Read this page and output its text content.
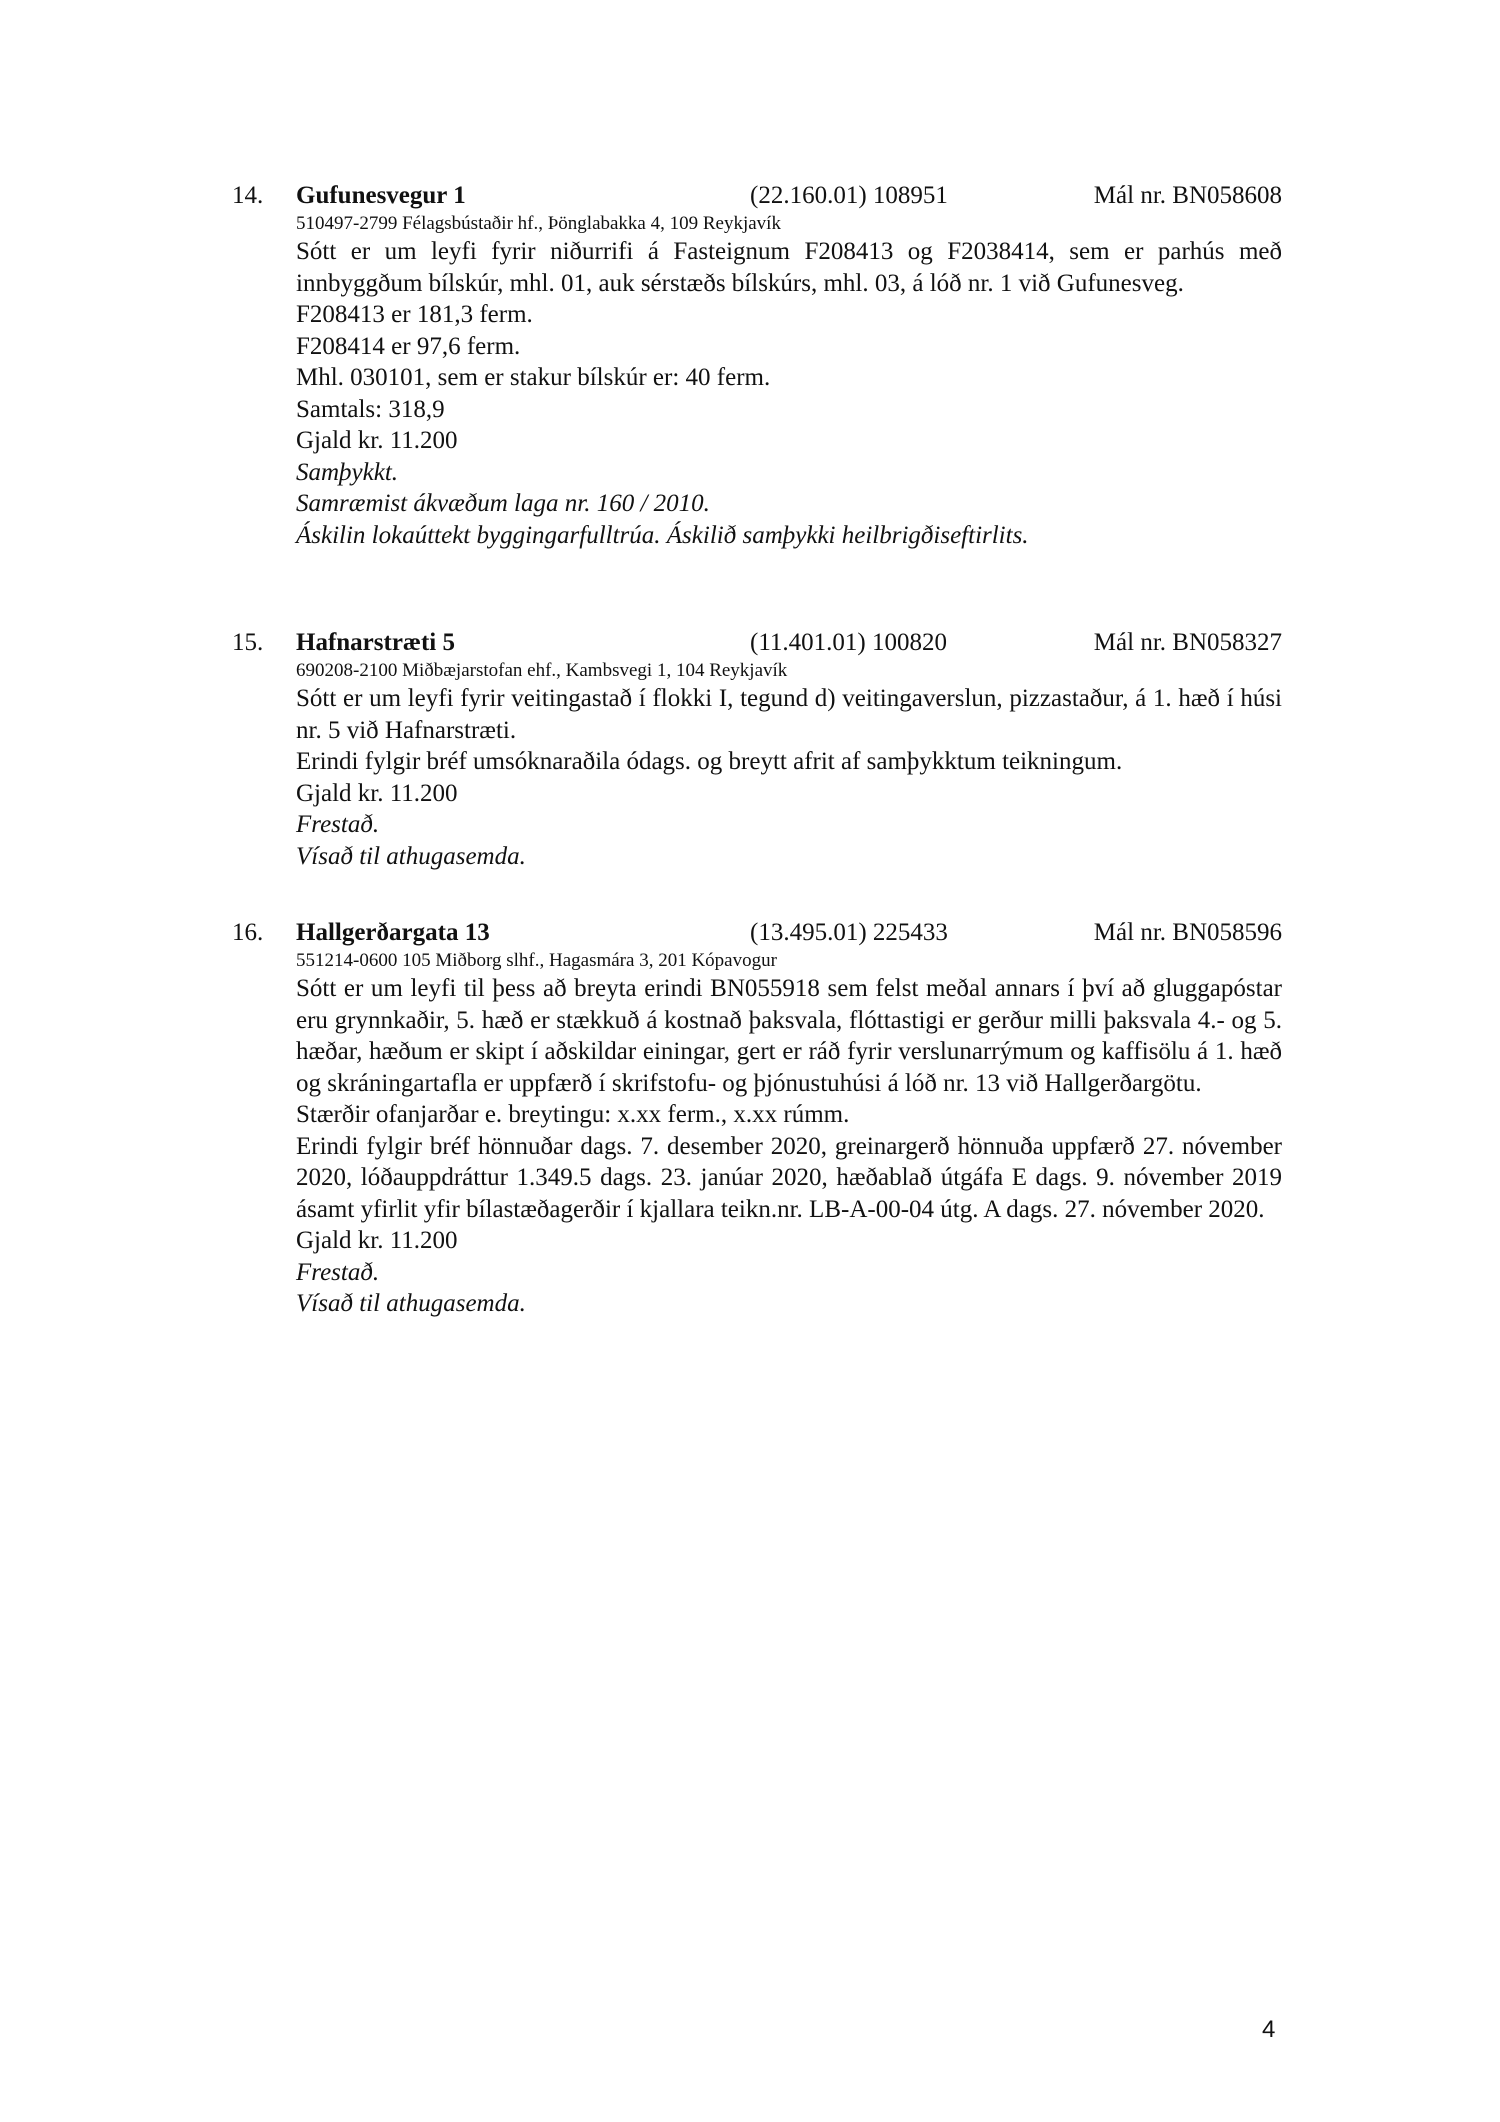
14. Gufunesvegur 1	(22.160.01) 108951	Mál nr. BN058608
510497-2799 Félagsbústaðir hf., Þönglabakka 4, 109 Reykjavík
Sótt er um leyfi fyrir niðurrifi á Fasteignum F208413 og F2038414, sem er parhús með innbyggðum bílskúr, mhl. 01, auk sérstæðs bílskúrs, mhl. 03, á lóð nr. 1 við Gufunesveg.
F208413 er 181,3 ferm.
F208414 er 97,6 ferm.
Mhl. 030101, sem er stakur bílskúr er: 40 ferm.
Samtals: 318,9
Gjald kr. 11.200
Samþykkt.
Samræmist ákvæðum laga nr. 160 / 2010.
Áskilin lokaúttekt byggingarfulltrúa. Áskilið samþykki heilbrigðiseftirlits.
15. Hafnarstræti 5	(11.401.01) 100820	Mál nr. BN058327
690208-2100 Miðbæjarstofan ehf., Kambsvegi 1, 104 Reykjavík
Sótt er um leyfi fyrir veitingastað í flokki I, tegund d) veitingaverslun, pizzastaður, á 1. hæð í húsi nr. 5 við Hafnarstræti.
Erindi fylgir bréf umsóknaraðila ódags. og breytt afrit af samþykktum teikningum.
Gjald kr. 11.200
Frestað.
Vísað til athugasemda.
16. Hallgerðargata 13	(13.495.01) 225433	Mál nr. BN058596
551214-0600 105 Miðborg slhf., Hagasmára 3, 201 Kópavogur
Sótt er um leyfi til þess að breyta erindi BN055918 sem felst meðal annars í því að gluggapóstar eru grynnkaðir, 5. hæð er stækkuð á kostnað þaksvala, flóttastigi er gerður milli þaksvala 4.- og 5. hæðar, hæðum er skipt í aðskildar einingar, gert er ráð fyrir verslunarrýmum og kaffisölu á 1. hæð og skráningartafla er uppfærð í skrifstofu- og þjónustuhúsi á lóð nr. 13 við Hallgerðargötu.
Stærðir ofanjarðar e. breytingu: x.xx ferm., x.xx rúmm.
Erindi fylgir bréf hönnuðar dags. 7. desember 2020, greinargerð hönnuða uppfærð 27. nóvember 2020, lóðauppdráttur 1.349.5 dags. 23. janúar 2020, hæðablað útgáfa E dags. 9. nóvember 2019 ásamt yfirlit yfir bílastæðagerðir í kjallara teikn.nr. LB-A-00-04 útg. A dags. 27. nóvember 2020.
Gjald kr. 11.200
Frestað.
Vísað til athugasemda.
4
